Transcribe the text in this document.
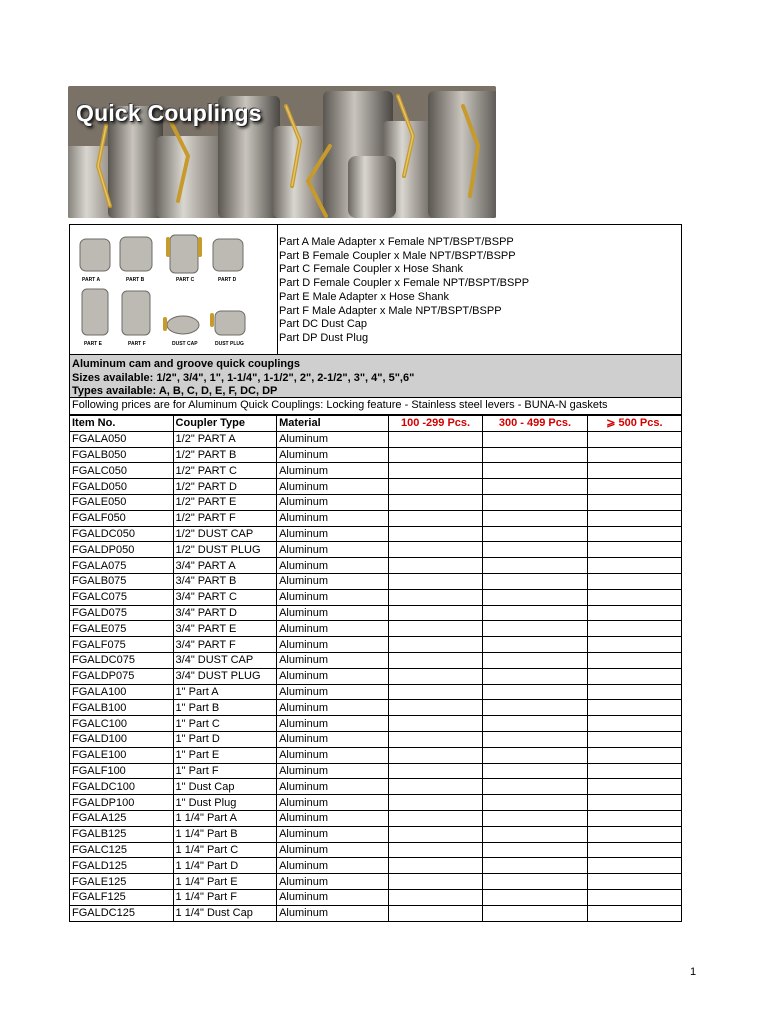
Quick Couplings
PART A	PART B	PART C	PART D
PART E	PART F	DUST CAP	DUST PLUG
Part A Male Adapter x Female NPT/BSPT/BSPP
Part B Female Coupler x Male NPT/BSPT/BSPP
Part C Female Coupler x Hose Shank
Part D Female Coupler x Female NPT/BSPT/BSPP
Part E Male Adapter x Hose Shank
Part F Male Adapter x Male NPT/BSPT/BSPP
Part DC Dust Cap
Part DP Dust Plug
Aluminum cam and groove quick couplings
Sizes available: 1/2", 3/4", 1", 1-1/4", 1-1/2", 2", 2-1/2", 3", 4", 5",6"
Types available: A, B, C, D, E, F, DC, DP
Following prices are for Aluminum Quick Couplings: Locking feature - Stainless steel levers - BUNA-N gaskets
Item No.	Coupler Type	Material	100 -299 Pcs.	300 - 499 Pcs.	⩾ 500 Pcs.
FGALA050	1/2" PART A	Aluminum			
FGALB050	1/2" PART B	Aluminum			
FGALC050	1/2" PART C	Aluminum			
FGALD050	1/2" PART D	Aluminum			
FGALE050	1/2" PART E	Aluminum			
FGALF050	1/2" PART F	Aluminum			
FGALDC050	1/2" DUST CAP	Aluminum			
FGALDP050	1/2" DUST PLUG	Aluminum			
FGALA075	3/4" PART A	Aluminum			
FGALB075	3/4" PART B	Aluminum			
FGALC075	3/4" PART C	Aluminum			
FGALD075	3/4" PART D	Aluminum			
FGALE075	3/4" PART E	Aluminum			
FGALF075	3/4" PART F	Aluminum			
FGALDC075	3/4" DUST CAP	Aluminum			
FGALDP075	3/4" DUST PLUG	Aluminum			
FGALA100	1" Part A	Aluminum			
FGALB100	1" Part B	Aluminum			
FGALC100	1" Part C	Aluminum			
FGALD100	1" Part D	Aluminum			
FGALE100	1" Part E	Aluminum			
FGALF100	1" Part F	Aluminum			
FGALDC100	1" Dust Cap	Aluminum			
FGALDP100	1" Dust Plug	Aluminum			
FGALA125	1 1/4" Part A	Aluminum			
FGALB125	1 1/4" Part B	Aluminum			
FGALC125	1 1/4" Part C	Aluminum			
FGALD125	1 1/4" Part D	Aluminum			
FGALE125	1 1/4" Part E	Aluminum			
FGALF125	1 1/4" Part F	Aluminum			
FGALDC125	1 1/4" Dust Cap	Aluminum			
1
